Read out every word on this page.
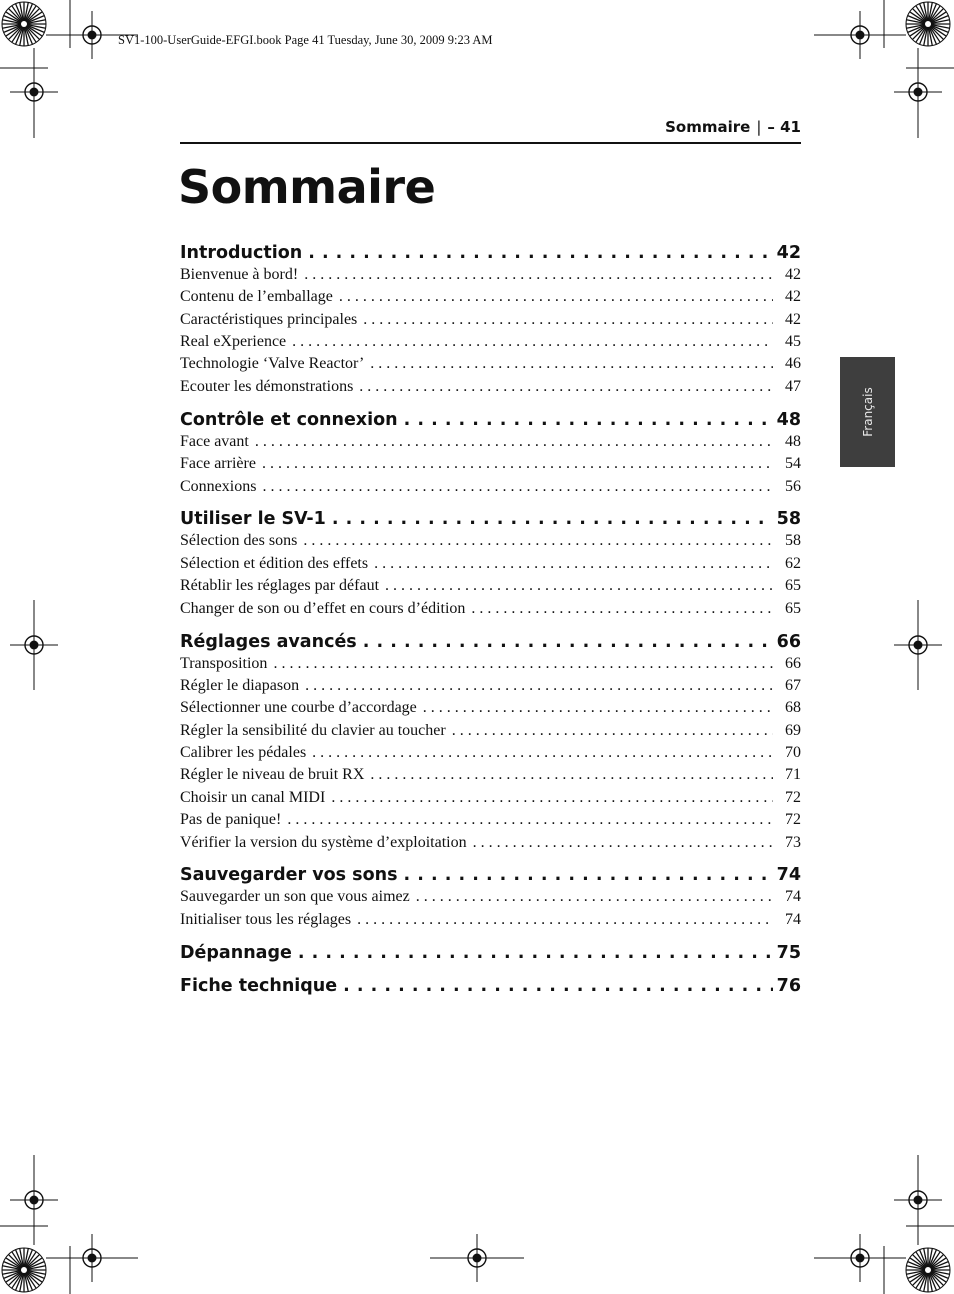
SV1-100-UserGuide-EFGI.book Page 41 Tuesday, June 30, 2009 9:23 AM
Sommaire | – 41
Sommaire
Français
Introduction . . .	42
Bienvenue à bord! . . .	42
Contenu de l’emballage . . .	42
Caractéristiques principales . . .	42
Real eXperience . . .	45
Technologie ‘Valve Reactor’ . . .	46
Ecouter les démonstrations . . .	47
Contrôle et connexion . . .	48
Face avant . . .	48
Face arrière . . .	54
Connexions . . .	56
Utiliser le SV-1 . . .	58
Sélection des sons . . .	58
Sélection et édition des effets . . .	62
Rétablir les réglages par défaut . . .	65
Changer de son ou d’effet en cours d’édition . . .	65
Réglages avancés . . .	66
Transposition . . .	66
Régler le diapason . . .	67
Sélectionner une courbe d’accordage . . .	68
Régler la sensibilité du clavier au toucher . . .	69
Calibrer les pédales . . .	70
Régler le niveau de bruit RX . . .	71
Choisir un canal MIDI . . .	72
Pas de panique! . . .	72
Vérifier la version du système d’exploitation . . .	73
Sauvegarder vos sons . . .	74
Sauvegarder un son que vous aimez . . .	74
Initialiser tous les réglages . . .	74
Dépannage . . .	75
Fiche technique . . .	76
